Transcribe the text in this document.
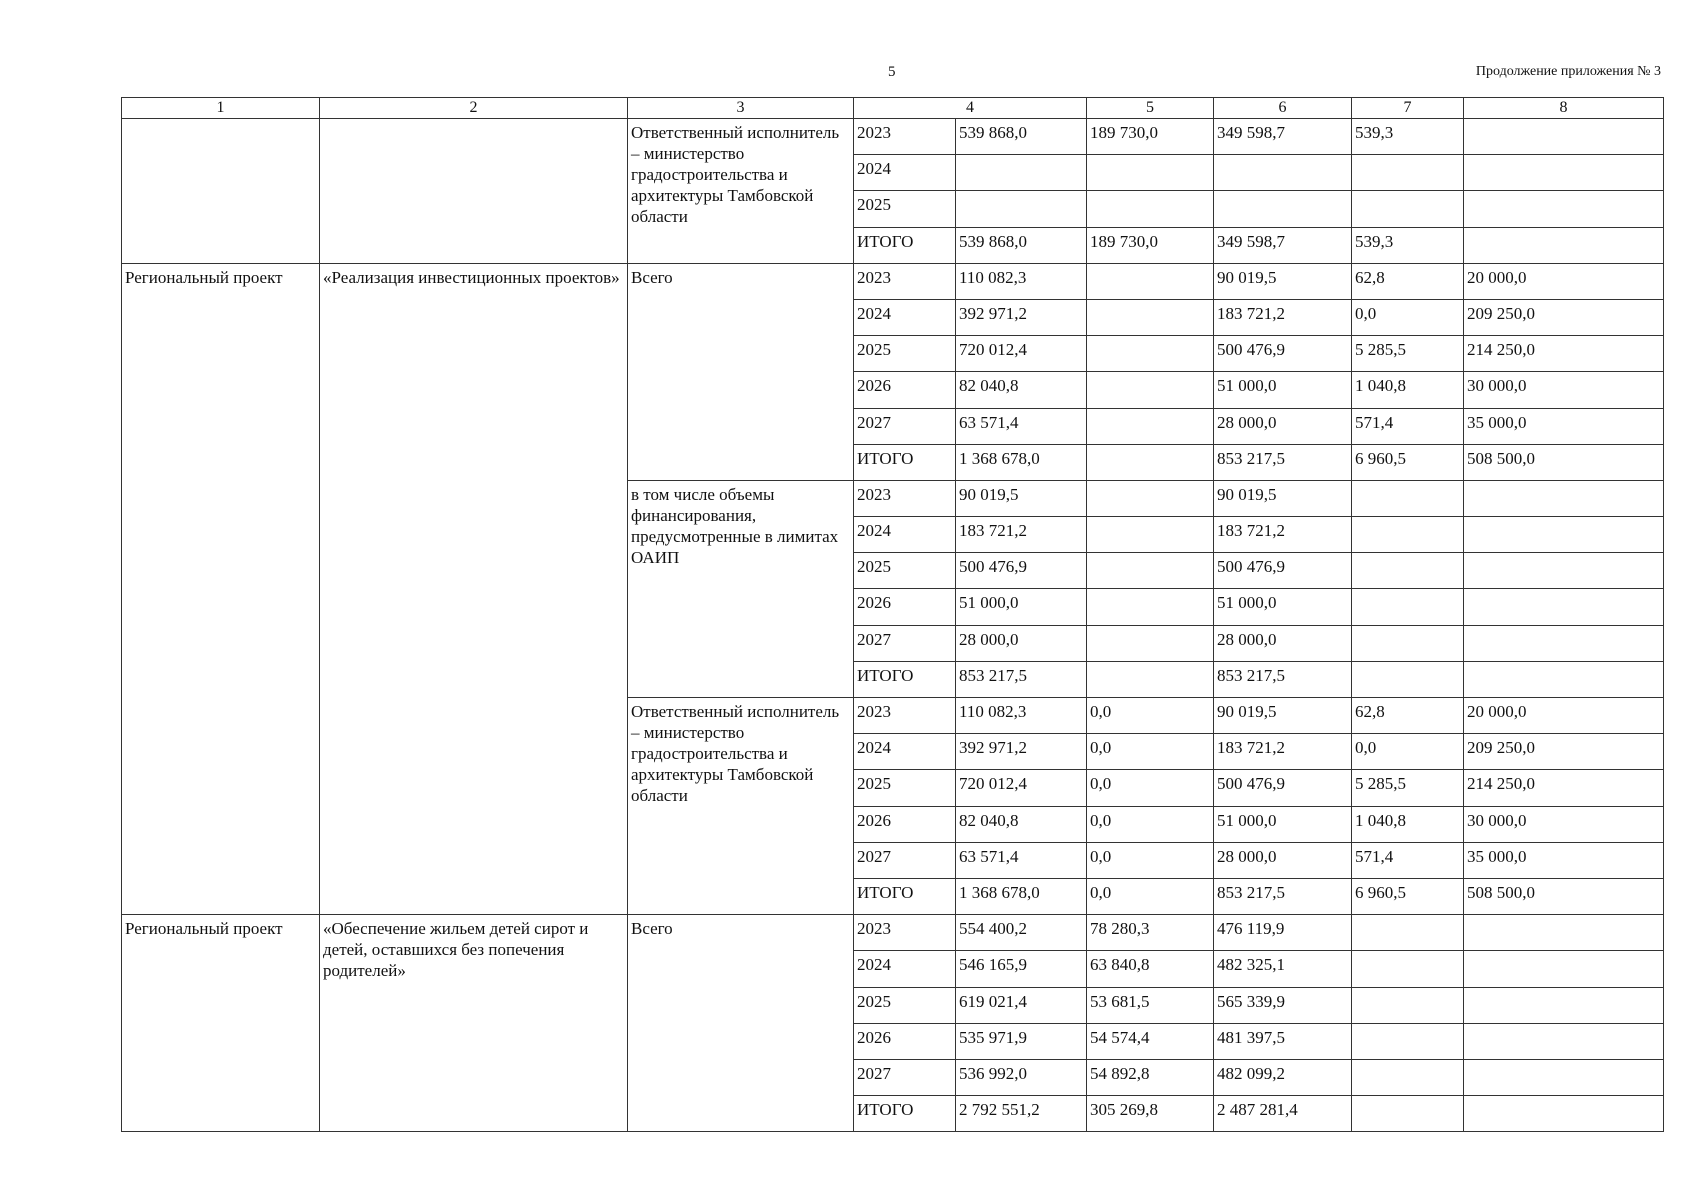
5	Продолжение приложения № 3
1	2	3	4		5	6	7	8
		Ответственный исполнитель – министерство градостроительства и архитектуры Тамбовской области	2023	539 868,0	189 730,0	349 598,7	539,3	
			2024					
			2025					
			ИТОГО	539 868,0	189 730,0	349 598,7	539,3	
Региональный проект	«Реализация инвестиционных проектов»	Всего	2023	110 082,3		90 019,5	62,8	20 000,0
			2024	392 971,2		183 721,2	0,0	209 250,0
			2025	720 012,4		500 476,9	5 285,5	214 250,0
			2026	82 040,8		51 000,0	1 040,8	30 000,0
			2027	63 571,4		28 000,0	571,4	35 000,0
			ИТОГО	1 368 678,0		853 217,5	6 960,5	508 500,0
		в том числе объемы финансирования, предусмотренные в лимитах ОАИП	2023	90 019,5		90 019,5		
			2024	183 721,2		183 721,2		
			2025	500 476,9		500 476,9		
			2026	51 000,0		51 000,0		
			2027	28 000,0		28 000,0		
			ИТОГО	853 217,5		853 217,5		
		Ответственный исполнитель – министерство градостроительства и архитектуры Тамбовской области	2023	110 082,3	0,0	90 019,5	62,8	20 000,0
			2024	392 971,2	0,0	183 721,2	0,0	209 250,0
			2025	720 012,4	0,0	500 476,9	5 285,5	214 250,0
			2026	82 040,8	0,0	51 000,0	1 040,8	30 000,0
			2027	63 571,4	0,0	28 000,0	571,4	35 000,0
			ИТОГО	1 368 678,0	0,0	853 217,5	6 960,5	508 500,0
Региональный проект	«Обеспечение жильем детей сирот и детей, оставшихся без попечения родителей»	Всего	2023	554 400,2	78 280,3	476 119,9		
			2024	546 165,9	63 840,8	482 325,1		
			2025	619 021,4	53 681,5	565 339,9		
			2026	535 971,9	54 574,4	481 397,5		
			2027	536 992,0	54 892,8	482 099,2		
			ИТОГО	2 792 551,2	305 269,8	2 487 281,4		
